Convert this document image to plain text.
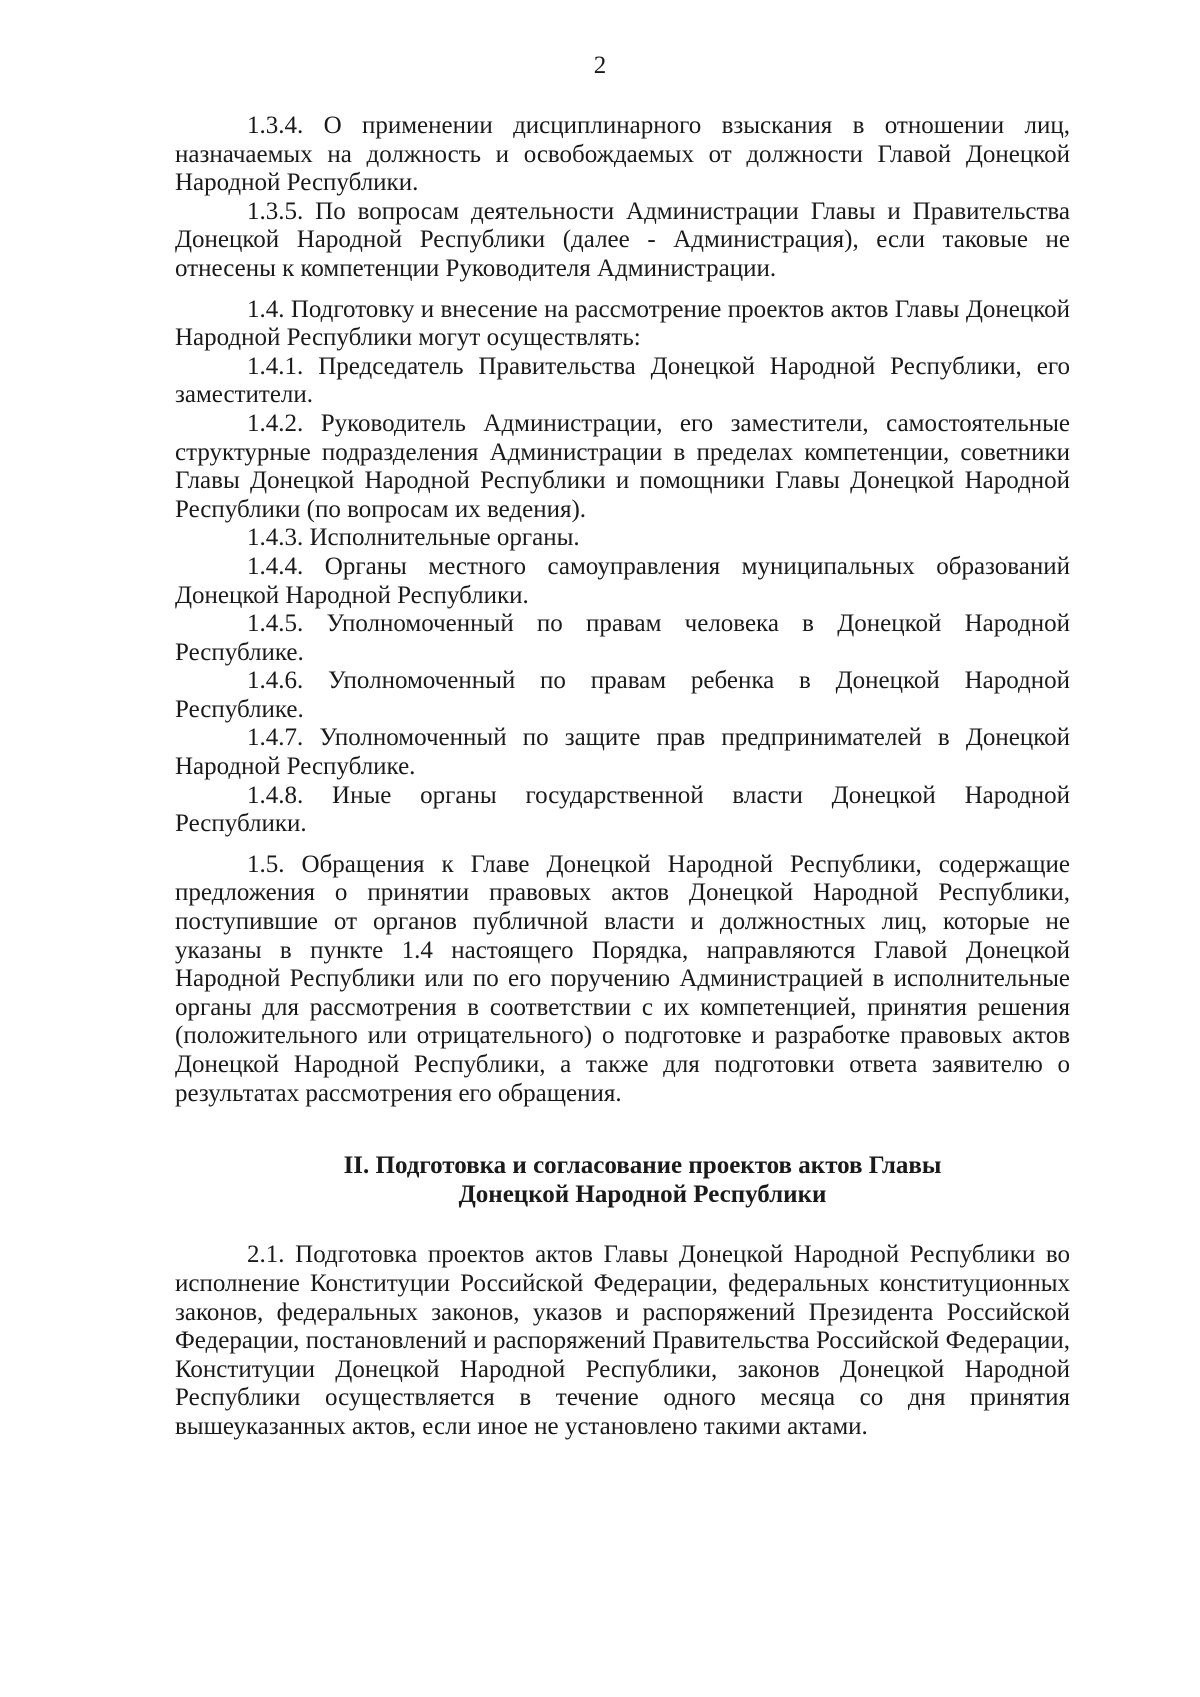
2

1.3.4. О применении дисциплинарного взыскания в отношении лиц, назначаемых на должность и освобождаемых от должности Главой Донецкой Народной Республики.

1.3.5. По вопросам деятельности Администрации Главы и Правительства Донецкой Народной Республики (далее - Администрация), если таковые не отнесены к компетенции Руководителя Администрации.

1.4. Подготовку и внесение на рассмотрение проектов актов Главы Донецкой Народной Республики могут осуществлять:

1.4.1. Председатель Правительства Донецкой Народной Республики, его заместители.

1.4.2. Руководитель Администрации, его заместители, самостоятельные структурные подразделения Администрации в пределах компетенции, советники Главы Донецкой Народной Республики и помощники Главы Донецкой Народной Республики (по вопросам их ведения).

1.4.3. Исполнительные органы.

1.4.4. Органы местного самоуправления муниципальных образований Донецкой Народной Республики.

1.4.5. Уполномоченный по правам человека в Донецкой Народной Республике.

1.4.6. Уполномоченный по правам ребенка в Донецкой Народной Республике.

1.4.7. Уполномоченный по защите прав предпринимателей в Донецкой Народной Республике.

1.4.8. Иные органы государственной власти Донецкой Народной Республики.

1.5. Обращения к Главе Донецкой Народной Республики, содержащие предложения о принятии правовых актов Донецкой Народной Республики, поступившие от органов публичной власти и должностных лиц, которые не указаны в пункте 1.4 настоящего Порядка, направляются Главой Донецкой Народной Республики или по его поручению Администрацией в исполнительные органы для рассмотрения в соответствии с их компетенцией, принятия решения (положительного или отрицательного) о подготовке и разработке правовых актов Донецкой Народной Республики, а также для подготовки ответа заявителю о результатах рассмотрения его обращения.

II. Подготовка и согласование проектов актов Главы
Донецкой Народной Республики

2.1. Подготовка проектов актов Главы Донецкой Народной Республики во исполнение Конституции Российской Федерации, федеральных конституционных законов, федеральных законов, указов и распоряжений Президента Российской Федерации, постановлений и распоряжений Правительства Российской Федерации, Конституции Донецкой Народной Республики, законов Донецкой Народной Республики осуществляется в течение одного месяца со дня принятия вышеуказанных актов, если иное не установлено такими актами.
